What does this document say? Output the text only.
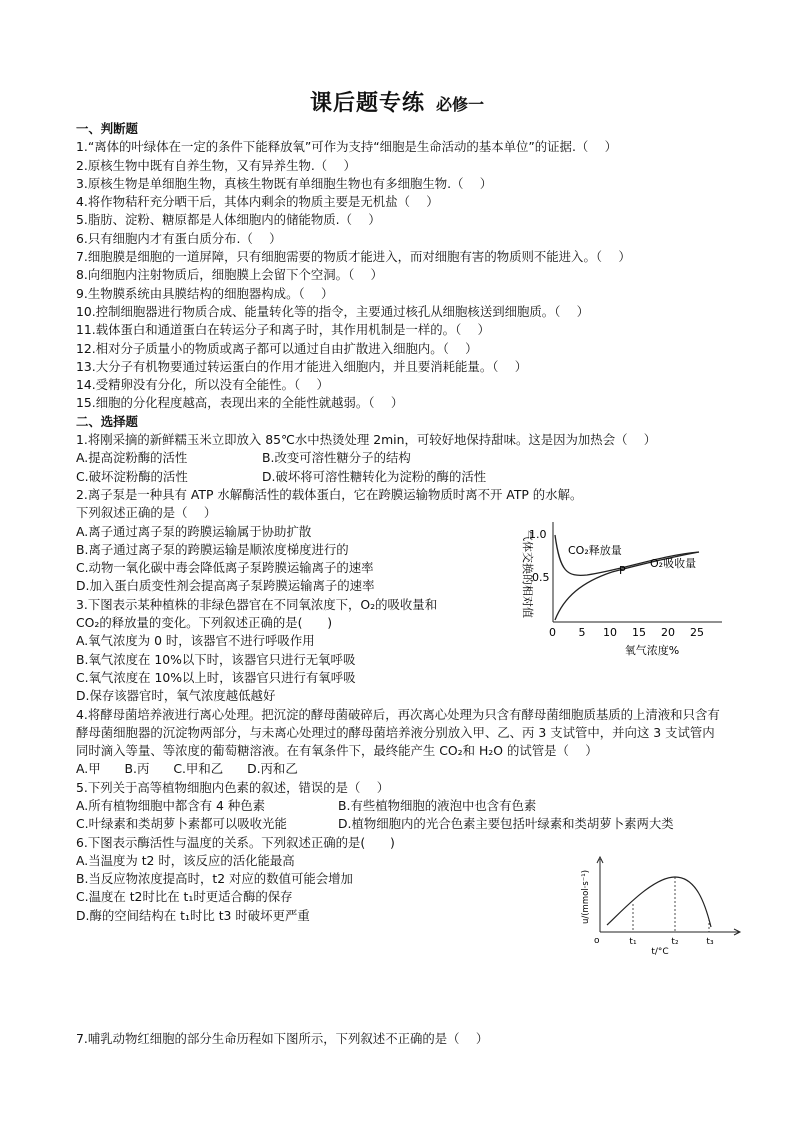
课后题专练 必修一
一、判断题
1.“离体的叶绿体在一定的条件下能释放氧”可作为支持“细胞是生命活动的基本单位”的证据.（　 ）
2.原核生物中既有自养生物，又有异养生物.（　 ）
3.原核生物是单细胞生物，真核生物既有单细胞生物也有多细胞生物.（　 ）
4.将作物秸秆充分晒干后，其体内剩余的物质主要是无机盐（　 ）
5.脂肪、淀粉、糖原都是人体细胞内的储能物质.（　 ）
6.只有细胞内才有蛋白质分布.（　 ）
7.细胞膜是细胞的一道屏障，只有细胞需要的物质才能进入，而对细胞有害的物质则不能进入。（　 ）
8.向细胞内注射物质后，细胞膜上会留下个空洞。（　 ）
9.生物膜系统由具膜结构的细胞器构成。（　 ）
10.控制细胞器进行物质合成、能量转化等的指令，主要通过核孔从细胞核送到细胞质。（　 ）
11.载体蛋白和通道蛋白在转运分子和离子时，其作用机制是一样的。（　 ）
12.相对分子质量小的物质或离子都可以通过自由扩散进入细胞内。（　 ）
13.大分子有机物要通过转运蛋白的作用才能进入细胞内，并且要消耗能量。（　 ）
14.受精卵没有分化，所以没有全能性。（　 ）
15.细胞的分化程度越高，表现出来的全能性就越弱。（　 ）
二、选择题
1.将刚采摘的新鲜糯玉米立即放入 85℃水中热烫处理 2min，可较好地保持甜味。这是因为加热会（　 ）
A.提高淀粉酶的活性	B.改变可溶性糖分子的结构
C.破坏淀粉酶的活性	D.破坏将可溶性糖转化为淀粉的酶的活性
2.离子泵是一种具有 ATP 水解酶活性的载体蛋白，它在跨膜运输物质时离不开 ATP 的水解。
下列叙述正确的是（　 ）
A.离子通过离子泵的跨膜运输属于协助扩散
B.离子通过离子泵的跨膜运输是顺浓度梯度进行的
C.动物一氧化碳中毒会降低离子泵跨膜运输离子的速率
D.加入蛋白质变性剂会提高离子泵跨膜运输离子的速率
3.下图表示某种植株的非绿色器官在不同氧浓度下，O₂的吸收量和
CO₂的释放量的变化。下列叙述正确的是(　　)
A.氧气浓度为 0 时，该器官不进行呼吸作用
B.氧气浓度在 10%以下时，该器官只进行无氧呼吸
C.氧气浓度在 10%以上时，该器官只进行有氧呼吸
D.保存该器官时，氧气浓度越低越好
4.将酵母菌培养液进行离心处理。把沉淀的酵母菌破碎后，再次离心处理为只含有酵母菌细胞质基质的上清液和只含有酵母菌细胞器的沉淀物两部分，与未离心处理过的酵母菌培养液分别放入甲、乙、丙 3 支试管中，并向这 3 支试管内同时滴入等量、等浓度的葡萄糖溶液。在有氧条件下，最终能产生 CO₂和 H₂O 的试管是（　 ）
A.甲 B.丙 C.甲和乙 D.丙和乙
5.下列关于高等植物细胞内色素的叙述，错误的是（　 ）
A.所有植物细胞中都含有 4 种色素	B.有些植物细胞的液泡中也含有色素
C.叶绿素和类胡萝卜素都可以吸收光能	D.植物细胞内的光合色素主要包括叶绿素和类胡萝卜素两大类
6.下图表示酶活性与温度的关系。下列叙述正确的是(　　)
A.当温度为 t2 时，该反应的活化能最高
B.当反应物浓度提高时，t2 对应的数值可能会增加
C.温度在 t2时比在 t₁时更适合酶的保存
D.酶的空间结构在 t₁时比 t3 时破坏更严重
7.哺乳动物红细胞的部分生命历程如下图所示，下列叙述不正确的是（　 ）
气体交换的相对值
1.0
0.5
0 5 10 15 20 25
氧气浓度%
CO₂释放量
O₂吸收量
P
u/(mmol·s⁻¹)
o	t₁	t₂	t₃
t/°C
